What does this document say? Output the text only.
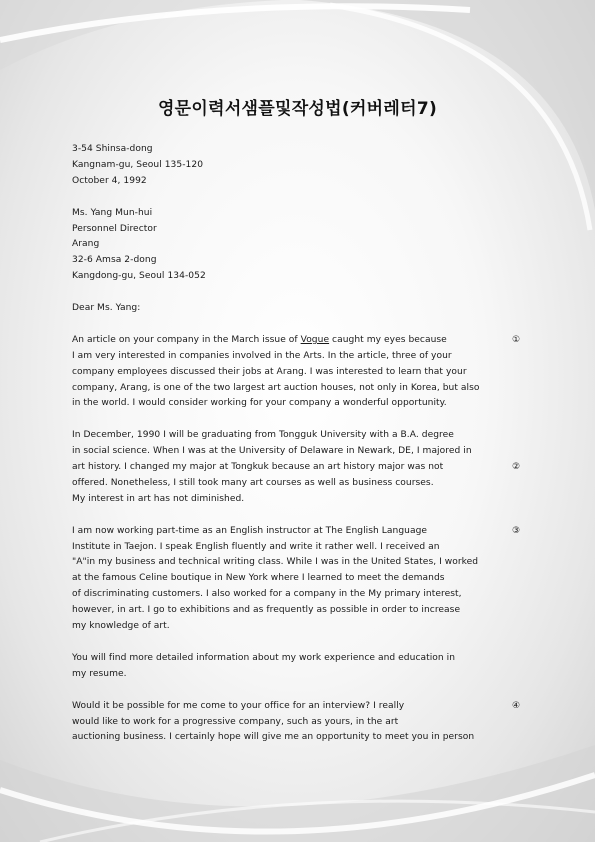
영문이력서샘플및작성법(커버레터7)
3-54 Shinsa-dong
Kangnam-gu, Seoul 135-120
October 4, 1992
Ms. Yang Mun-hui
Personnel Director
Arang
32-6 Amsa 2-dong
Kangdong-gu, Seoul 134-052
Dear Ms. Yang:
An article on your company in the March issue of Vogue caught my eyes because	①
I am very interested in companies involved in the Arts. In the article, three of your
company employees discussed their jobs at Arang. I was interested to learn that your
company, Arang, is one of the two largest art auction houses, not only in Korea, but also
in the world. I would consider working for your company a wonderful opportunity.
In December, 1990 I will be graduating from Tongguk University with a B.A. degree
in social science. When I was at the University of Delaware in Newark, DE, I majored in
art history. I changed my major at Tongkuk because an art history major was not	②
offered. Nonetheless, I still took many art courses as well as business courses.
My interest in art has not diminished.
I am now working part-time as an English instructor at The English Language	③
Institute in Taejon. I speak English fluently and write it rather well. I received an
"A"in my business and technical writing class. While I was in the United States, I worked
at the famous Celine boutique in New York where I learned to meet the demands
of discriminating customers. I also worked for a company in the My primary interest,
however, in art. I go to exhibitions and as frequently as possible in order to increase
my knowledge of art.
You will find more detailed information about my work experience and education in
my resume.
Would it be possible for me come to your office for an interview? I really	④
would like to work for a progressive company, such as yours, in the art
auctioning business. I certainly hope will give me an opportunity to meet you in person
